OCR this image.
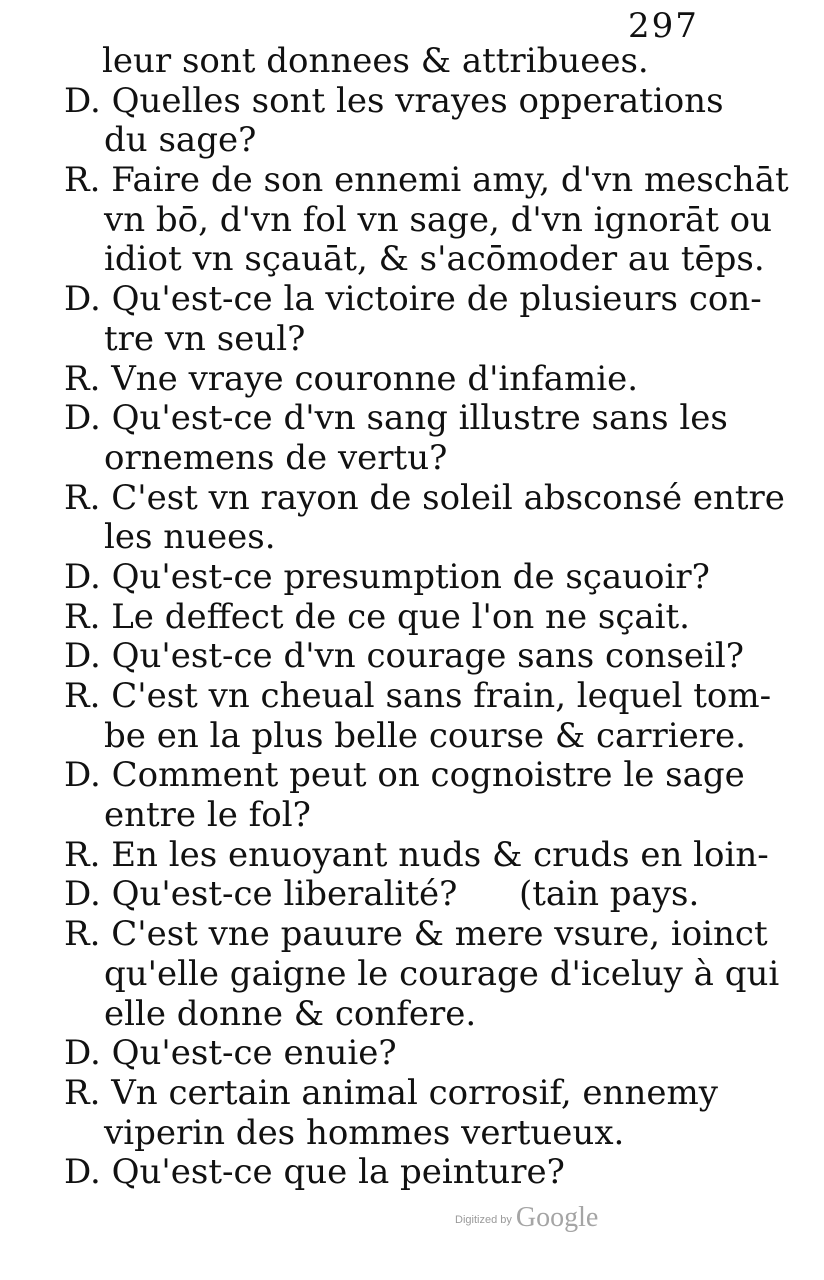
297
leur sont donnees & attribuees.
D. Quelles sont les vrayes opperations
du sage?
R. Faire de son ennemi amy, d'vn meschāt
vn bō, d'vn fol vn sage, d'vn ignorāt ou
idiot vn sçauāt, & s'acōmoder au tēps.
D. Qu'est-ce la victoire de plusieurs con-
tre vn seul?
R. Vne vraye couronne d'infamie.
D. Qu'est-ce d'vn sang illustre sans les
ornemens de vertu?
R. C'est vn rayon de soleil absconsé entre
les nuees.
D. Qu'est-ce presumption de sçauoir?
R. Le deffect de ce que l'on ne sçait.
D. Qu'est-ce d'vn courage sans conseil?
R. C'est vn cheual sans frain, lequel tom-
be en la plus belle course & carriere.
D. Comment peut on cognoistre le sage
entre le fol?
R. En les enuoyant nuds & cruds en loin-
D. Qu'est-ce liberalité? (tain pays.
R. C'est vne pauure & mere vsure, ioinct
qu'elle gaigne le courage d'iceluy à qui
elle donne & confere.
D. Qu'est-ce enuie?
R. Vn certain animal corrosif, ennemy
viperin des hommes vertueux.
D. Qu'est-ce que la peinture?
Digitized by Google
